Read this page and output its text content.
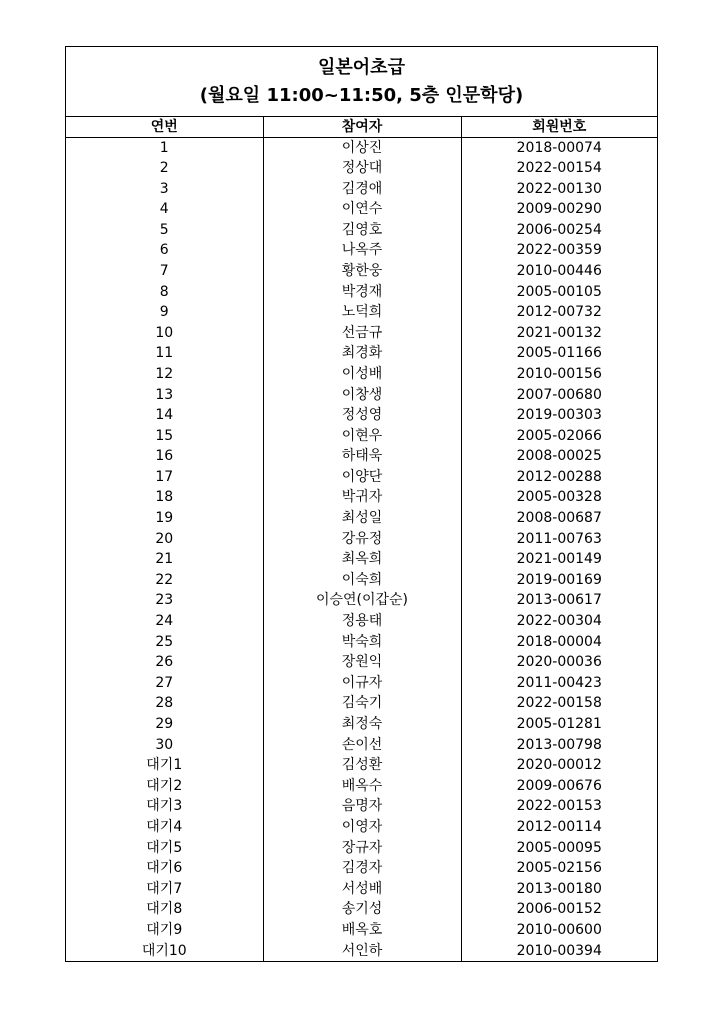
일본어초급
(월요일 11:00~11:50, 5층 인문학당)
연번	참여자	회원번호
1	이상진	2018-00074
2	정상대	2022-00154
3	김경애	2022-00130
4	이연수	2009-00290
5	김영호	2006-00254
6	나옥주	2022-00359
7	황한웅	2010-00446
8	박경재	2005-00105
9	노덕희	2012-00732
10	선금규	2021-00132
11	최경화	2005-01166
12	이성배	2010-00156
13	이창생	2007-00680
14	정성영	2019-00303
15	이현우	2005-02066
16	하태욱	2008-00025
17	이양단	2012-00288
18	박귀자	2005-00328
19	최성일	2008-00687
20	강유정	2011-00763
21	최옥희	2021-00149
22	이숙희	2019-00169
23	이승연(이갑순)	2013-00617
24	정용태	2022-00304
25	박숙희	2018-00004
26	장원익	2020-00036
27	이규자	2011-00423
28	김숙기	2022-00158
29	최정숙	2005-01281
30	손이선	2013-00798
대기1	김성환	2020-00012
대기2	배옥수	2009-00676
대기3	음명자	2022-00153
대기4	이영자	2012-00114
대기5	장규자	2005-00095
대기6	김경자	2005-02156
대기7	서성배	2013-00180
대기8	송기성	2006-00152
대기9	배옥호	2010-00600
대기10	서인하	2010-00394
